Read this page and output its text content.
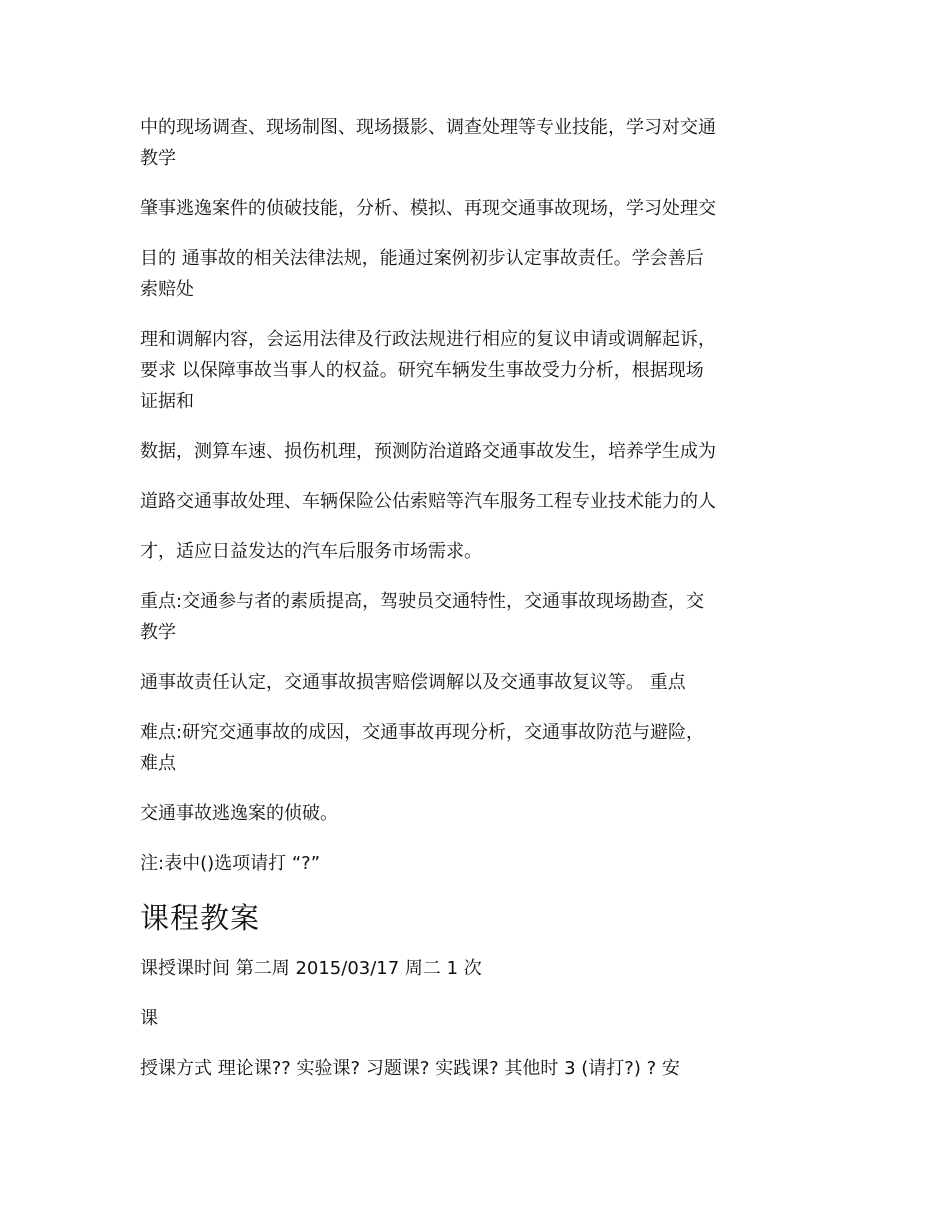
中的现场调查、现场制图、现场摄影、调查处理等专业技能，学习对交通
教学

肇事逃逸案件的侦破技能，分析、模拟、再现交通事故现场，学习处理交

目的 通事故的相关法律法规，能通过案例初步认定事故责任。学会善后
索赔处

理和调解内容，会运用法律及行政法规进行相应的复议申请或调解起诉，
要求 以保障事故当事人的权益。研究车辆发生事故受力分析，根据现场
证据和

数据，测算车速、损伤机理，预测防治道路交通事故发生，培养学生成为

道路交通事故处理、车辆保险公估索赔等汽车服务工程专业技术能力的人

才，适应日益发达的汽车后服务市场需求。

重点:交通参与者的素质提高，驾驶员交通特性，交通事故现场勘查，交
教学

通事故责任认定，交通事故损害赔偿调解以及交通事故复议等。 重点

难点:研究交通事故的成因，交通事故再现分析，交通事故防范与避险，
难点

交通事故逃逸案的侦破。

注:表中()选项请打 “?”

课程教案

课授课时间 第二周 2015/03/17 周二 1 次

课

授课方式 理论课?? 实验课? 习题课? 实践课? 其他时 3 (请打?) ? 安
